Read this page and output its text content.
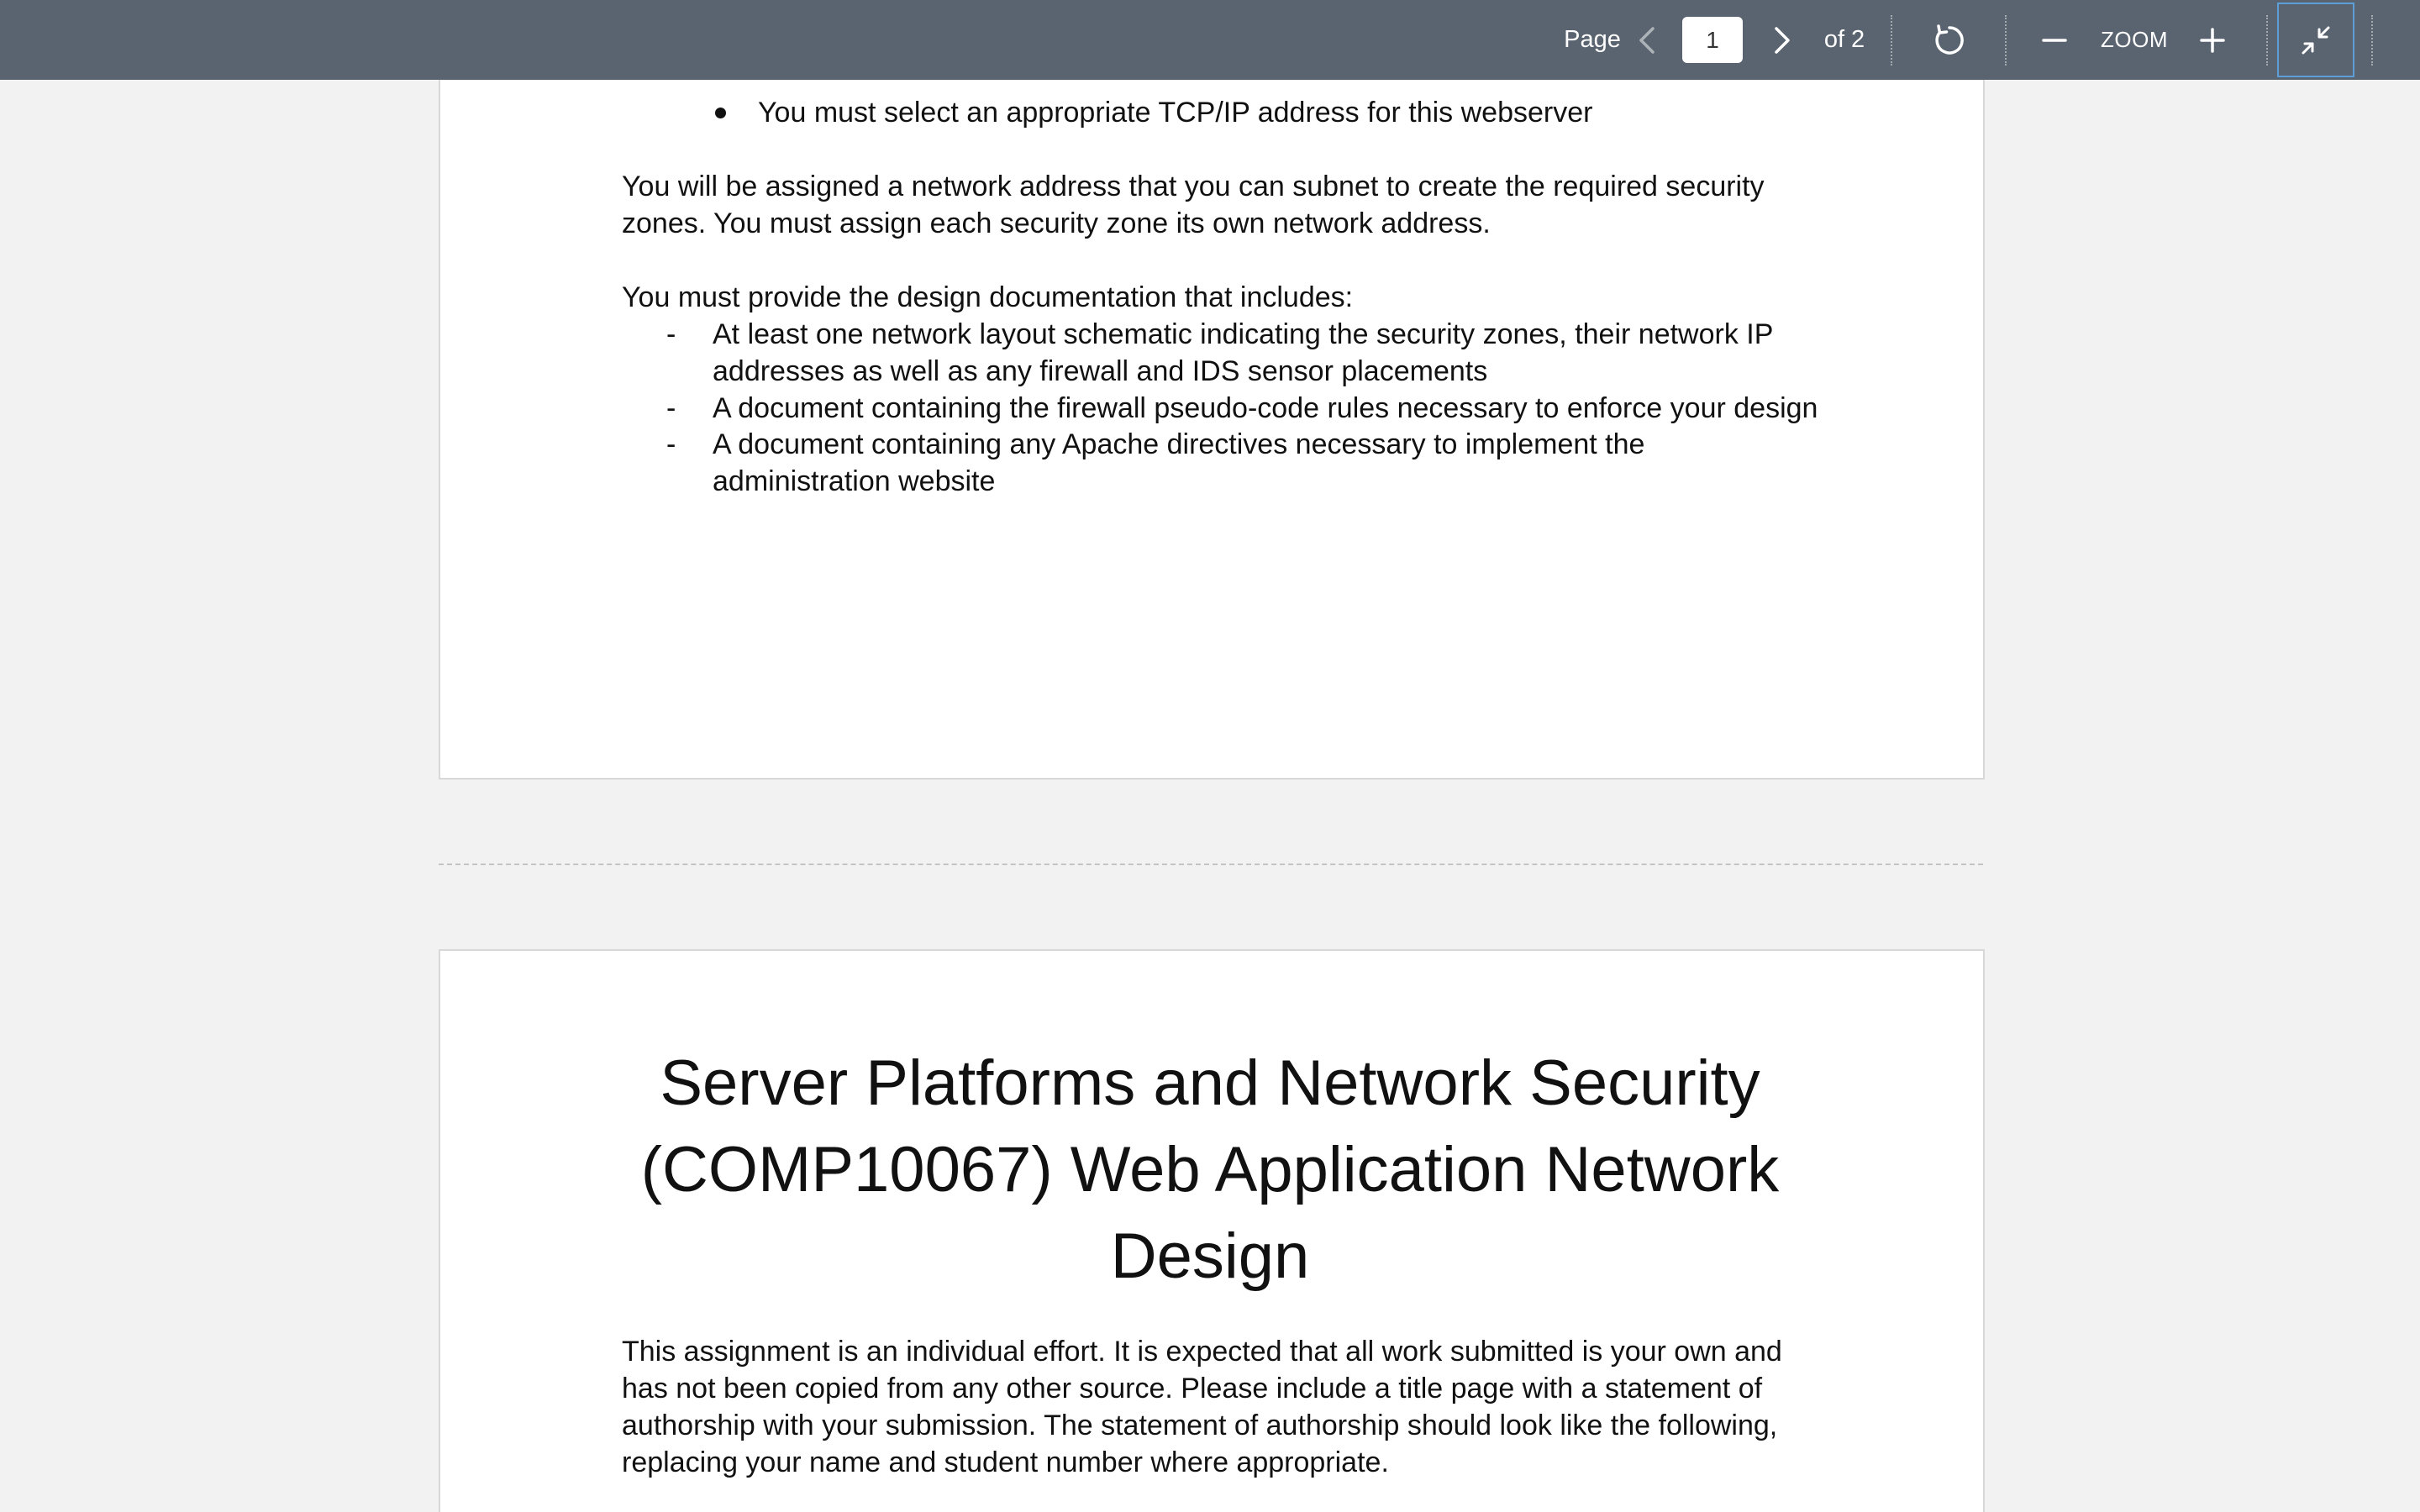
You must select an appropriate TCP/IP address for this webserver

You will be assigned a network address that you can subnet to create the required security

zones. You must assign each security zone its own network address.

You must provide the design documentation that includes:

- At least one network layout schematic indicating the security zones, their network IP

addresses as well as any firewall and IDS sensor placements

- A document containing the firewall pseudo-code rules necessary to enforce your design

- A document containing any Apache directives necessary to implement the

administration website

Server Platforms and Network Security
(COMP10067) Web Application Network
Design

This assignment is an individual effort. It is expected that all work submitted is your own and

has not been copied from any other source. Please include a title page with a statement of

authorship with your submission. The statement of authorship should look like the following,

replacing your name and student number where appropriate.

Page
1	of 2	ZOOM
